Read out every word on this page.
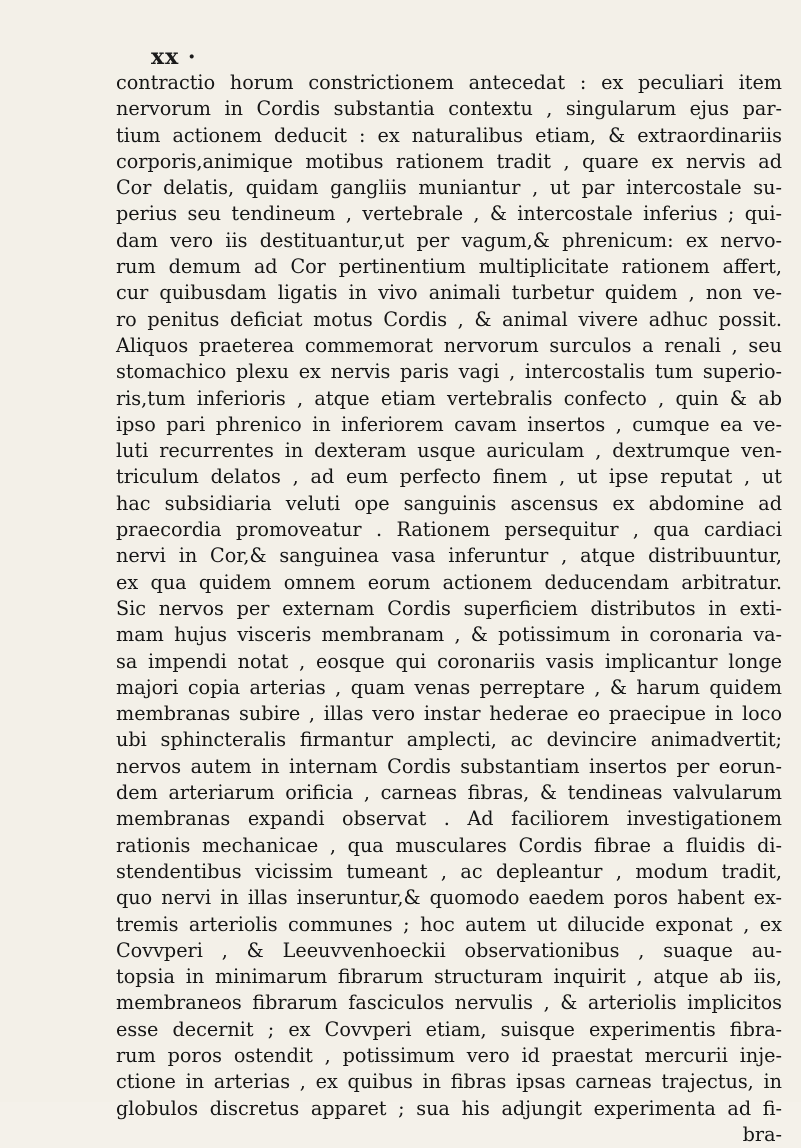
xx ·
contractio horum constrictionem antecedat : ex peculiari item
nervorum in Cordis substantia contextu , singularum ejus par-
tium actionem deducit : ex naturalibus etiam, & extraordinariis
corporis,animique motibus rationem tradit , quare ex nervis ad
Cor delatis, quidam gangliis muniantur , ut par intercostale su-
perius seu tendineum , vertebrale , & intercostale inferius ; qui-
dam vero iis destituantur,ut per vagum,& phrenicum: ex nervo-
rum demum ad Cor pertinentium multiplicitate rationem affert,
cur quibusdam ligatis in vivo animali turbetur quidem , non ve-
ro penitus deficiat motus Cordis , & animal vivere adhuc possit.
Aliquos praeterea commemorat nervorum surculos a renali , seu
stomachico plexu ex nervis paris vagi , intercostalis tum superio-
ris,tum inferioris , atque etiam vertebralis confecto , quin & ab
ipso pari phrenico in inferiorem cavam insertos , cumque ea ve-
luti recurrentes in dexteram usque auriculam , dextrumque ven-
triculum delatos , ad eum perfecto finem , ut ipse reputat , ut
hac subsidiaria veluti ope sanguinis ascensus ex abdomine ad
praecordia promoveatur . Rationem persequitur , qua cardiaci
nervi in Cor,& sanguinea vasa inferuntur , atque distribuuntur,
ex qua quidem omnem eorum actionem deducendam arbitratur.
Sic nervos per externam Cordis superficiem distributos in exti-
mam hujus visceris membranam , & potissimum in coronaria va-
sa impendi notat , eosque qui coronariis vasis implicantur longe
majori copia arterias , quam venas perreptare , & harum quidem
membranas subire , illas vero instar hederae eo praecipue in loco
ubi sphincteralis firmantur amplecti, ac devincire animadvertit;
nervos autem in internam Cordis substantiam insertos per eorun-
dem arteriarum orificia , carneas fibras, & tendineas valvularum
membranas expandi observat . Ad faciliorem investigationem
rationis mechanicae , qua musculares Cordis fibrae a fluidis di-
stendentibus vicissim tumeant , ac depleantur , modum tradit,
quo nervi in illas inseruntur,& quomodo eaedem poros habent ex-
tremis arteriolis communes ; hoc autem ut dilucide exponat , ex
Covvperi , & Leeuvvenhoeckii observationibus , suaque au-
topsia in minimarum fibrarum structuram inquirit , atque ab iis,
membraneos fibrarum fasciculos nervulis , & arteriolis implicitos
esse decernit ; ex Covvperi etiam, suisque experimentis fibra-
rum poros ostendit , potissimum vero id praestat mercurii inje-
ctione in arterias , ex quibus in fibras ipsas carneas trajectus, in
globulos discretus apparet ; sua his adjungit experimenta ad fi-
bra-
